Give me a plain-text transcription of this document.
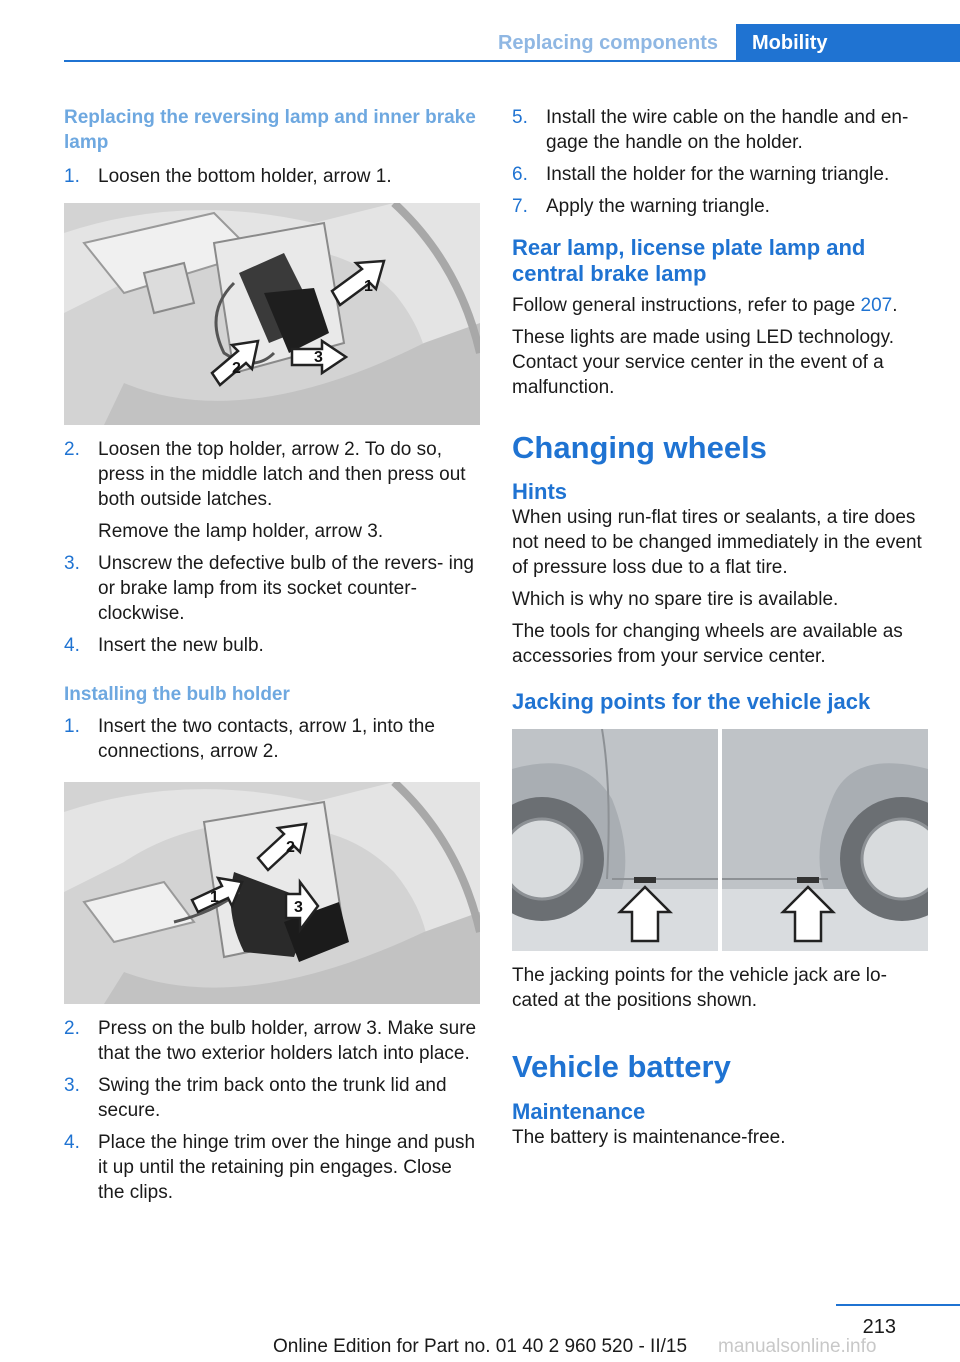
Replacing components	Mobility
Replacing the reversing lamp and inner brake lamp
1. Loosen the bottom holder, arrow 1.
1
2
3
2. Loosen the top holder, arrow 2. To do so, press in the middle latch and then press out both outside latches.
Remove the lamp holder, arrow 3.
3. Unscrew the defective bulb of the revers‐ ing or brake lamp from its socket counter‐ clockwise.
4. Insert the new bulb.
Installing the bulb holder
1. Insert the two contacts, arrow 1, into the connections, arrow 2.
2
1
3
2. Press on the bulb holder, arrow 3. Make sure that the two exterior holders latch into place.
3. Swing the trim back onto the trunk lid and secure.
4. Place the hinge trim over the hinge and push it up until the retaining pin engages. Close the clips.
5. Install the wire cable on the handle and en‐ gage the handle on the holder.
6. Install the holder for the warning triangle.
7. Apply the warning triangle.
Rear lamp, license plate lamp and central brake lamp

Follow general instructions, refer to page 207.

These lights are made using LED technology. Contact your service center in the event of a malfunction.

Changing wheels
Hints

When using run-flat tires or sealants, a tire does not need to be changed immediately in the event of pressure loss due to a flat tire.

Which is why no spare tire is available.

The tools for changing wheels are available as accessories from your service center.

Jacking points for the vehicle jack

The jacking points for the vehicle jack are lo‐ cated at the positions shown.

Vehicle battery
Maintenance

The battery is maintenance-free.

213
Online Edition for Part no. 01 40 2 960 520 - II/15	manualsonline.info
